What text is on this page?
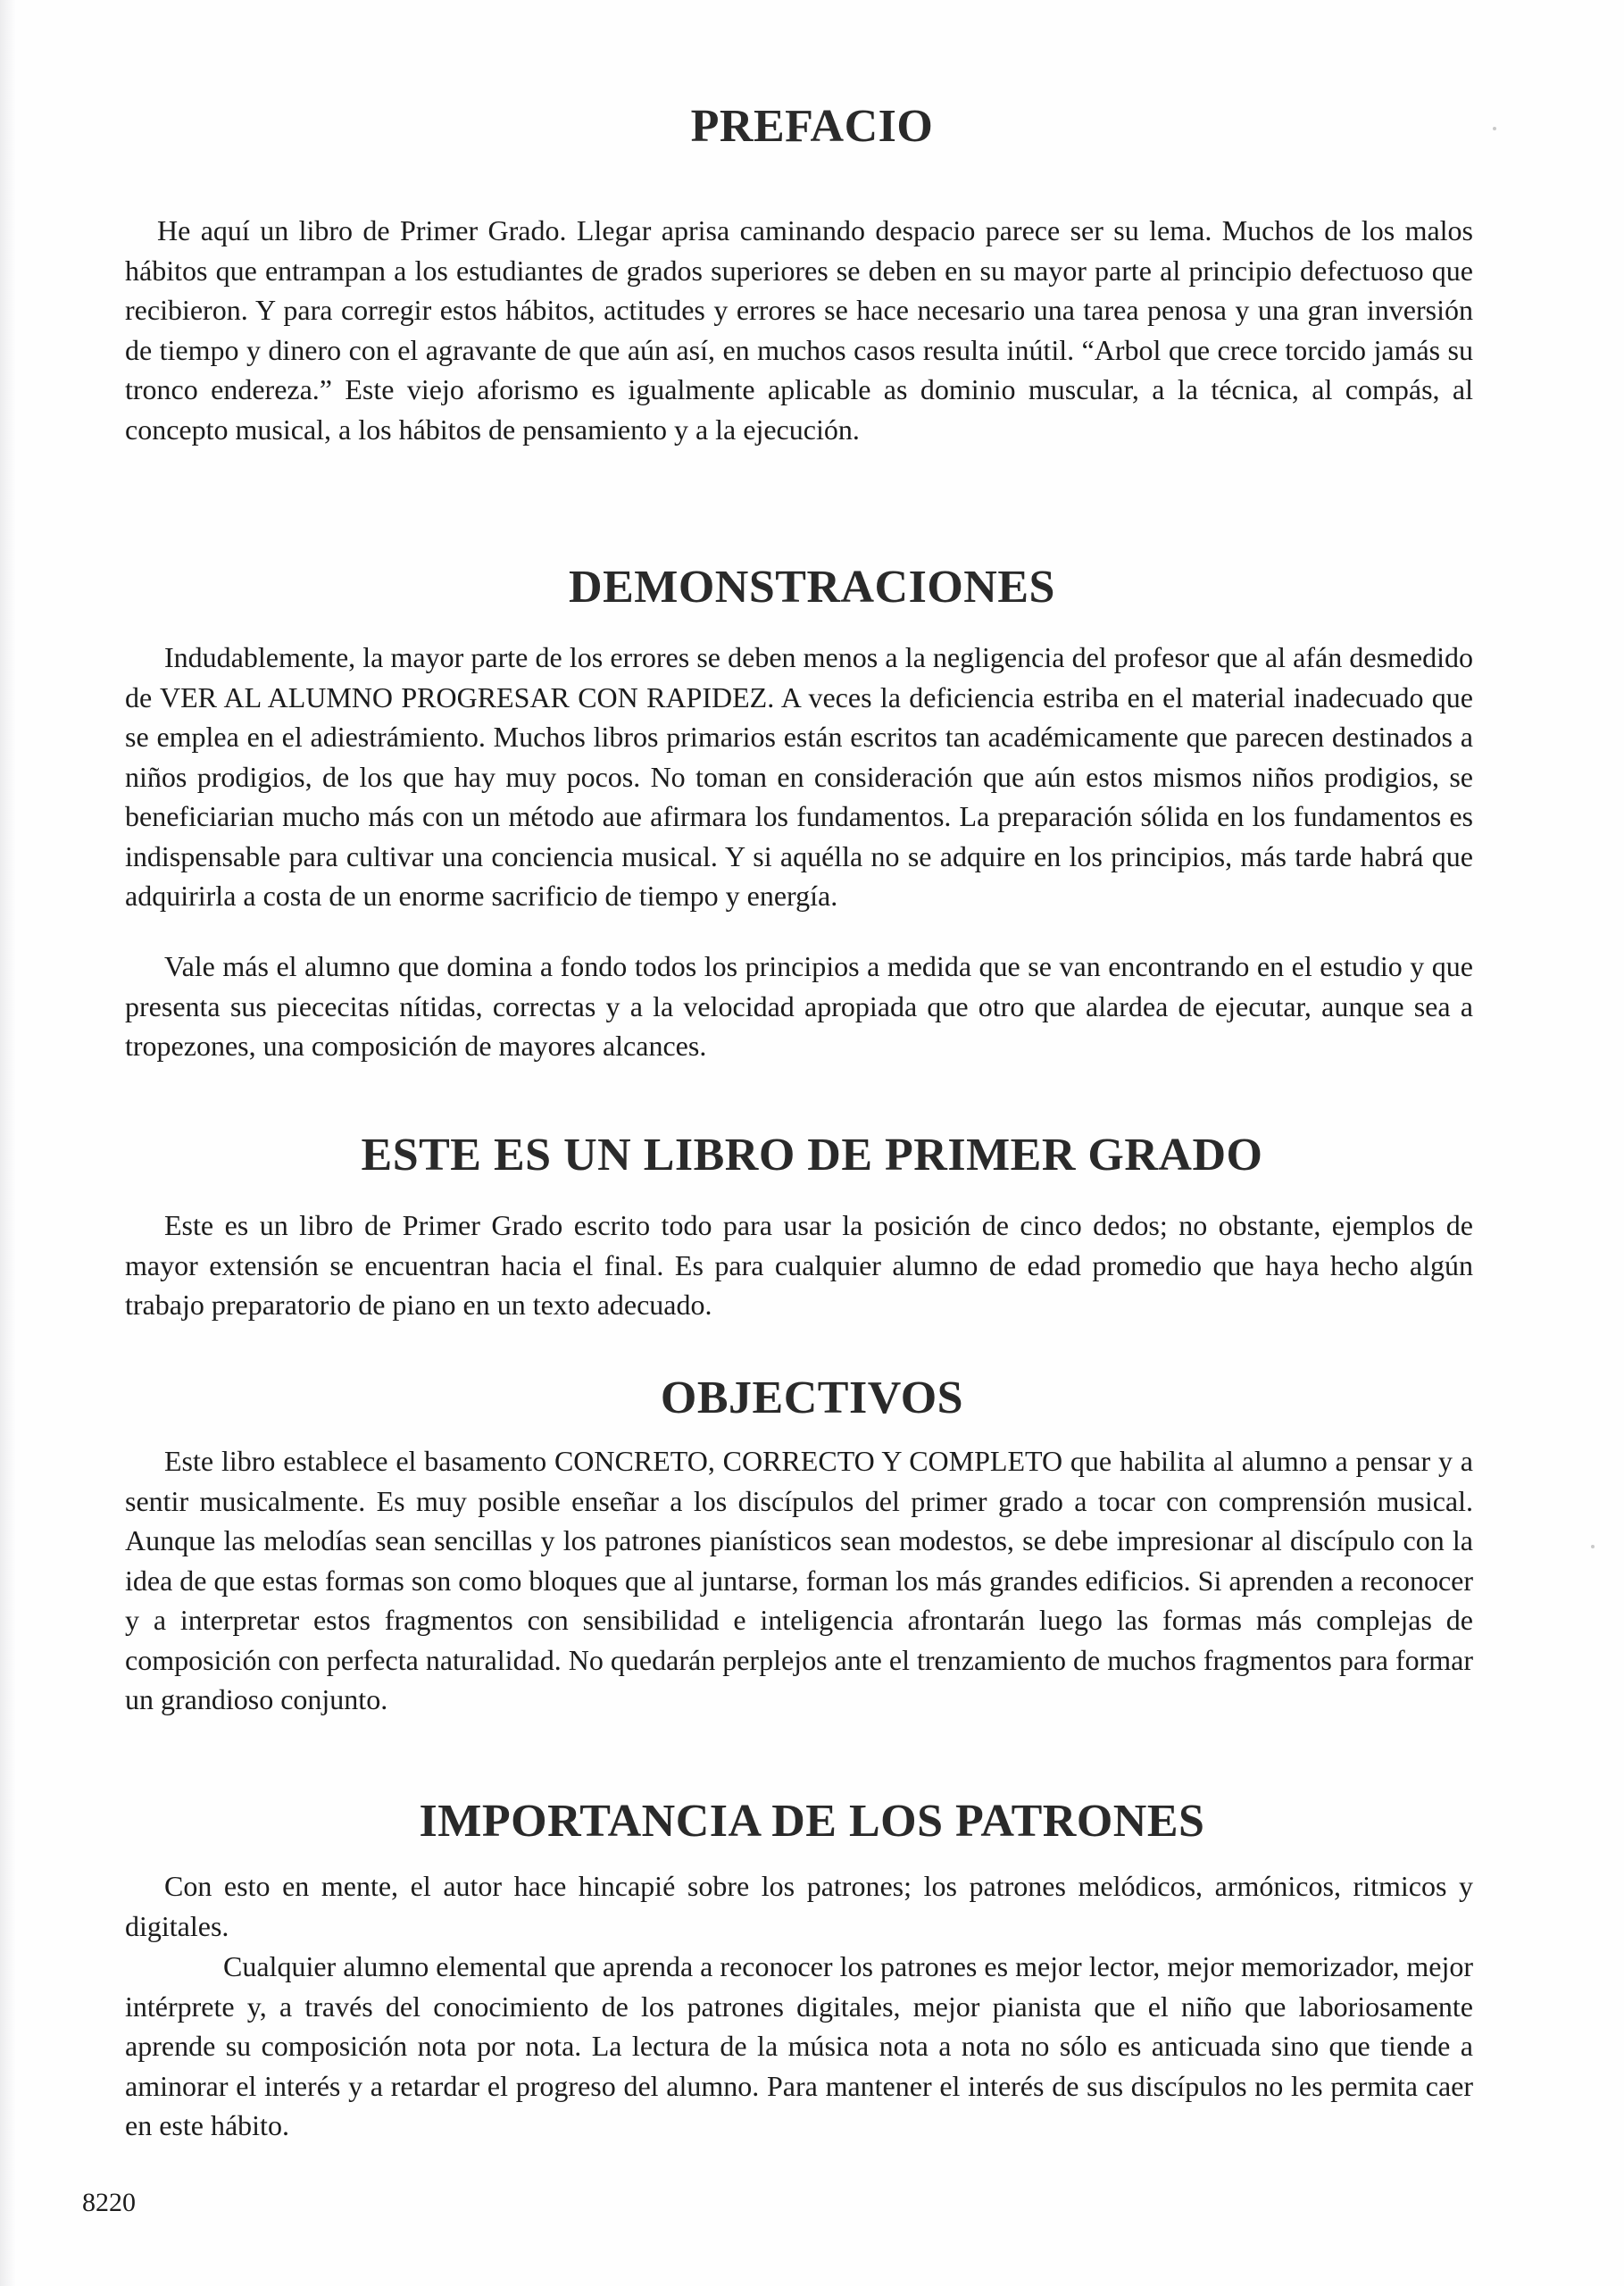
PREFACIO

He aquí un libro de Primer Grado. Llegar aprisa caminando despacio parece ser su lema. Muchos de los malos hábitos que entrampan a los estudiantes de grados superiores se deben en su mayor parte al principio defectuoso que recibieron. Y para corregir estos hábitos, actitudes y errores se hace necesario una tarea penosa y una gran inversión de tiempo y dinero con el agravante de que aún así, en muchos casos resulta inútil. “Arbol que crece torcido jamás su tronco endereza.” Este viejo aforismo es igualmente aplicable as dominio muscular, a la técnica, al compás, al concepto musical, a los hábitos de pensamiento y a la ejecución.

DEMONSTRACIONES

Indudablemente, la mayor parte de los errores se deben menos a la negligencia del profesor que al afán desmedido de VER AL ALUMNO PROGRESAR CON RAPIDEZ. A veces la deficiencia estriba en el material inadecuado que se emplea en el adiestrámiento. Muchos libros primarios están escritos tan académicamente que parecen destinados a niños prodigios, de los que hay muy pocos. No toman en consideración que aún estos mismos niños prodigios, se beneficiarian mucho más con un método aue afirmara los fundamentos. La preparación sólida en los fundamentos es indispensable para cultivar una conciencia musical. Y si aquélla no se adquire en los principios, más tarde habrá que adquirirla a costa de un enorme sacrificio de tiempo y energía.

Vale más el alumno que domina a fondo todos los principios a medida que se van encontrando en el estudio y que presenta sus piececitas nítidas, correctas y a la velocidad apropiada que otro que alardea de ejecutar, aunque sea a tropezones, una composición de mayores alcances.

ESTE ES UN LIBRO DE PRIMER GRADO

Este es un libro de Primer Grado escrito todo para usar la posición de cinco dedos; no obstante, ejemplos de mayor extensión se encuentran hacia el final. Es para cualquier alumno de edad promedio que haya hecho algún trabajo preparatorio de piano en un texto adecuado.

OBJECTIVOS

Este libro establece el basamento CONCRETO, CORRECTO Y COMPLETO que habilita al alumno a pensar y a sentir musicalmente. Es muy posible enseñar a los discípulos del primer grado a tocar con comprensión musical. Aunque las melodías sean sencillas y los patrones pianísticos sean modestos, se debe impresionar al discípulo con la idea de que estas formas son como bloques que al juntarse, forman los más grandes edificios. Si aprenden a reconocer y a interpretar estos fragmentos con sensibilidad e inteligencia afrontarán luego las formas más complejas de composición con perfecta naturalidad. No quedarán perplejos ante el trenzamiento de muchos fragmentos para formar un grandioso conjunto.

IMPORTANCIA DE LOS PATRONES

Con esto en mente, el autor hace hincapié sobre los patrones; los patrones melódicos, armónicos, ritmicos y digitales.

Cualquier alumno elemental que aprenda a reconocer los patrones es mejor lector, mejor memorizador, mejor intérprete y, a través del conocimiento de los patrones digitales, mejor pianista que el niño que laboriosamente aprende su composición nota por nota. La lectura de la música nota a nota no sólo es anticuada sino que tiende a aminorar el interés y a retardar el progreso del alumno. Para mantener el interés de sus discípulos no les permita caer en este hábito.

8220
